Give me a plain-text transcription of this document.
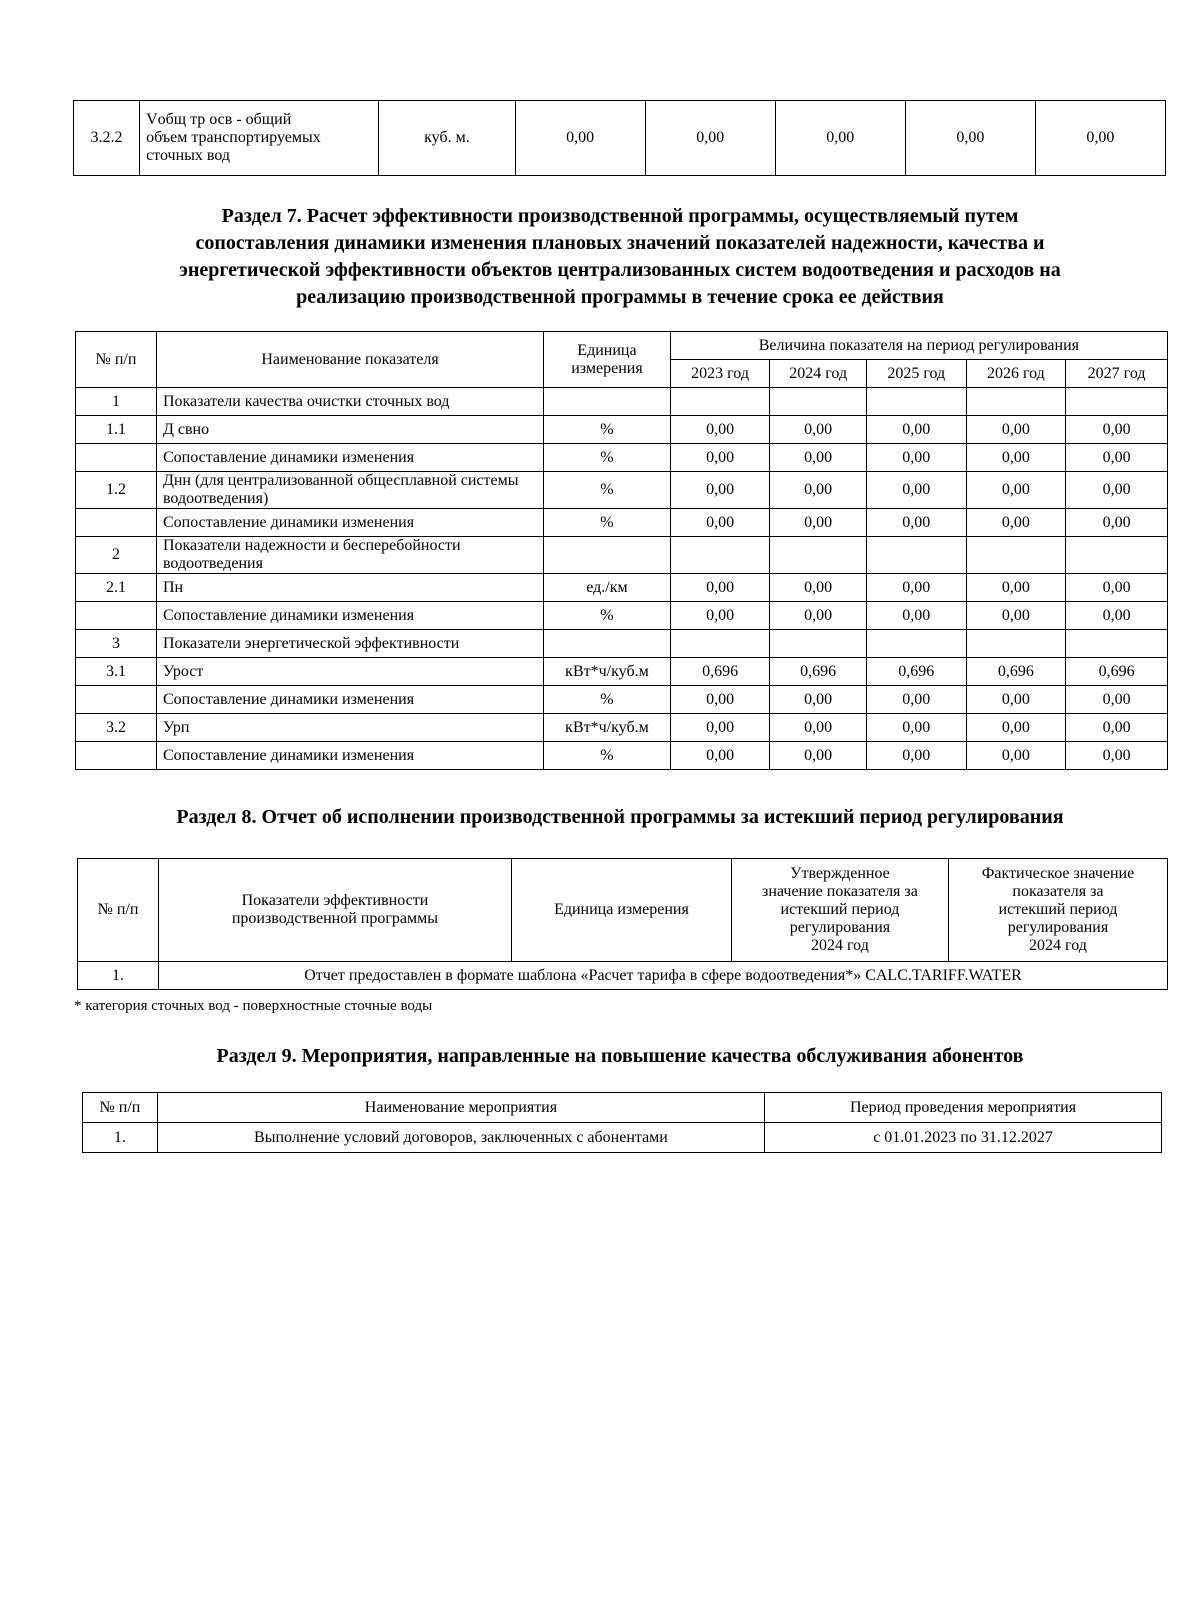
3.2.2	Vобщ тр осв - общий
объем транспортируемых
сточных вод	куб. м.	0,00	0,00	0,00	0,00	0,00
Раздел 7. Расчет эффективности производственной программы, осуществляемый путем
сопоставления динамики изменения плановых значений показателей надежности, качества и
энергетической эффективности объектов централизованных систем водоотведения и расходов на
реализацию производственной программы в течение срока ее действия
№ п/п	Наименование показателя	Единица
измерения	Величина показателя на период регулирования				
			2023 год	2024 год	2025 год	2026 год	2027 год
1	Показатели качества очистки сточных вод						
1.1	Д свно	%	0,00	0,00	0,00	0,00	0,00
	Сопоставление динамики изменения	%	0,00	0,00	0,00	0,00	0,00
1.2	Днн (для централизованной общесплавной системы водоотведения)	%	0,00	0,00	0,00	0,00	0,00
	Сопоставление динамики изменения	%	0,00	0,00	0,00	0,00	0,00
2	Показатели надежности и бесперебойности водоотведения						
2.1	Пн	ед./км	0,00	0,00	0,00	0,00	0,00
	Сопоставление динамики изменения	%	0,00	0,00	0,00	0,00	0,00
3	Показатели энергетической эффективности						
3.1	Урост	кВт*ч/куб.м	0,696	0,696	0,696	0,696	0,696
	Сопоставление динамики изменения	%	0,00	0,00	0,00	0,00	0,00
3.2	Урп	кВт*ч/куб.м	0,00	0,00	0,00	0,00	0,00
	Сопоставление динамики изменения	%	0,00	0,00	0,00	0,00	0,00
Раздел 8. Отчет об исполнении производственной программы за истекший период регулирования
№ п/п	Показатели эффективности
производственной программы	Единица измерения	Утвержденное
значение показателя за
истекший период
регулирования
2024 год	Фактическое значение
показателя за
истекший период
регулирования
2024 год
1.	Отчет предоставлен в формате шаблона «Расчет тарифа в сфере водоотведения*» CALC.TARIFF.WATER			
* категория сточных вод - поверхностные сточные воды
Раздел 9. Мероприятия, направленные на повышение качества обслуживания абонентов
№ п/п	Наименование мероприятия	Период проведения мероприятия
1.	Выполнение условий договоров, заключенных с абонентами	с 01.01.2023 по 31.12.2027
